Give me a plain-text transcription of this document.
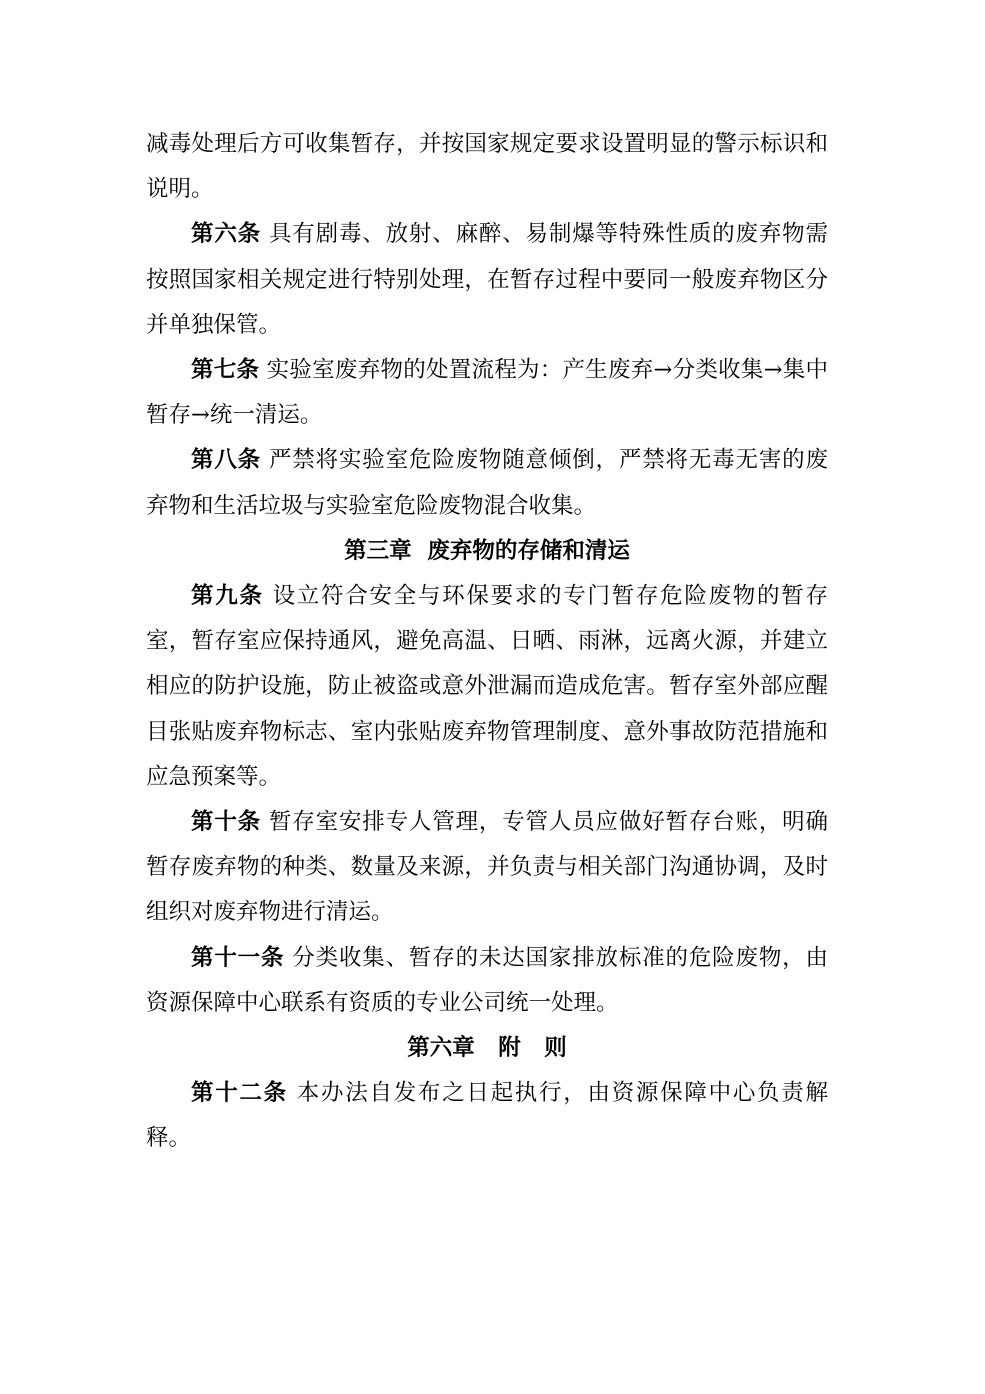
减毒处理后方可收集暂存，并按国家规定要求设置明显的警示标识和说明。

第六条 具有剧毒、放射、麻醉、易制爆等特殊性质的废弃物需按照国家相关规定进行特别处理，在暂存过程中要同一般废弃物区分并单独保管。

第七条 实验室废弃物的处置流程为：产生废弃→分类收集→集中暂存→统一清运。

第八条 严禁将实验室危险废物随意倾倒，严禁将无毒无害的废弃物和生活垃圾与实验室危险废物混合收集。

第三章  废弃物的存储和清运

第九条 设立符合安全与环保要求的专门暂存危险废物的暂存室，暂存室应保持通风，避免高温、日晒、雨淋，远离火源，并建立相应的防护设施，防止被盗或意外泄漏而造成危害。暂存室外部应醒目张贴废弃物标志、室内张贴废弃物管理制度、意外事故防范措施和应急预案等。

第十条 暂存室安排专人管理，专管人员应做好暂存台账，明确暂存废弃物的种类、数量及来源，并负责与相关部门沟通协调，及时组织对废弃物进行清运。

第十一条 分类收集、暂存的未达国家排放标准的危险废物，由资源保障中心联系有资质的专业公司统一处理。

第六章   附   则

第十二条 本办法自发布之日起执行，由资源保障中心负责解释。
